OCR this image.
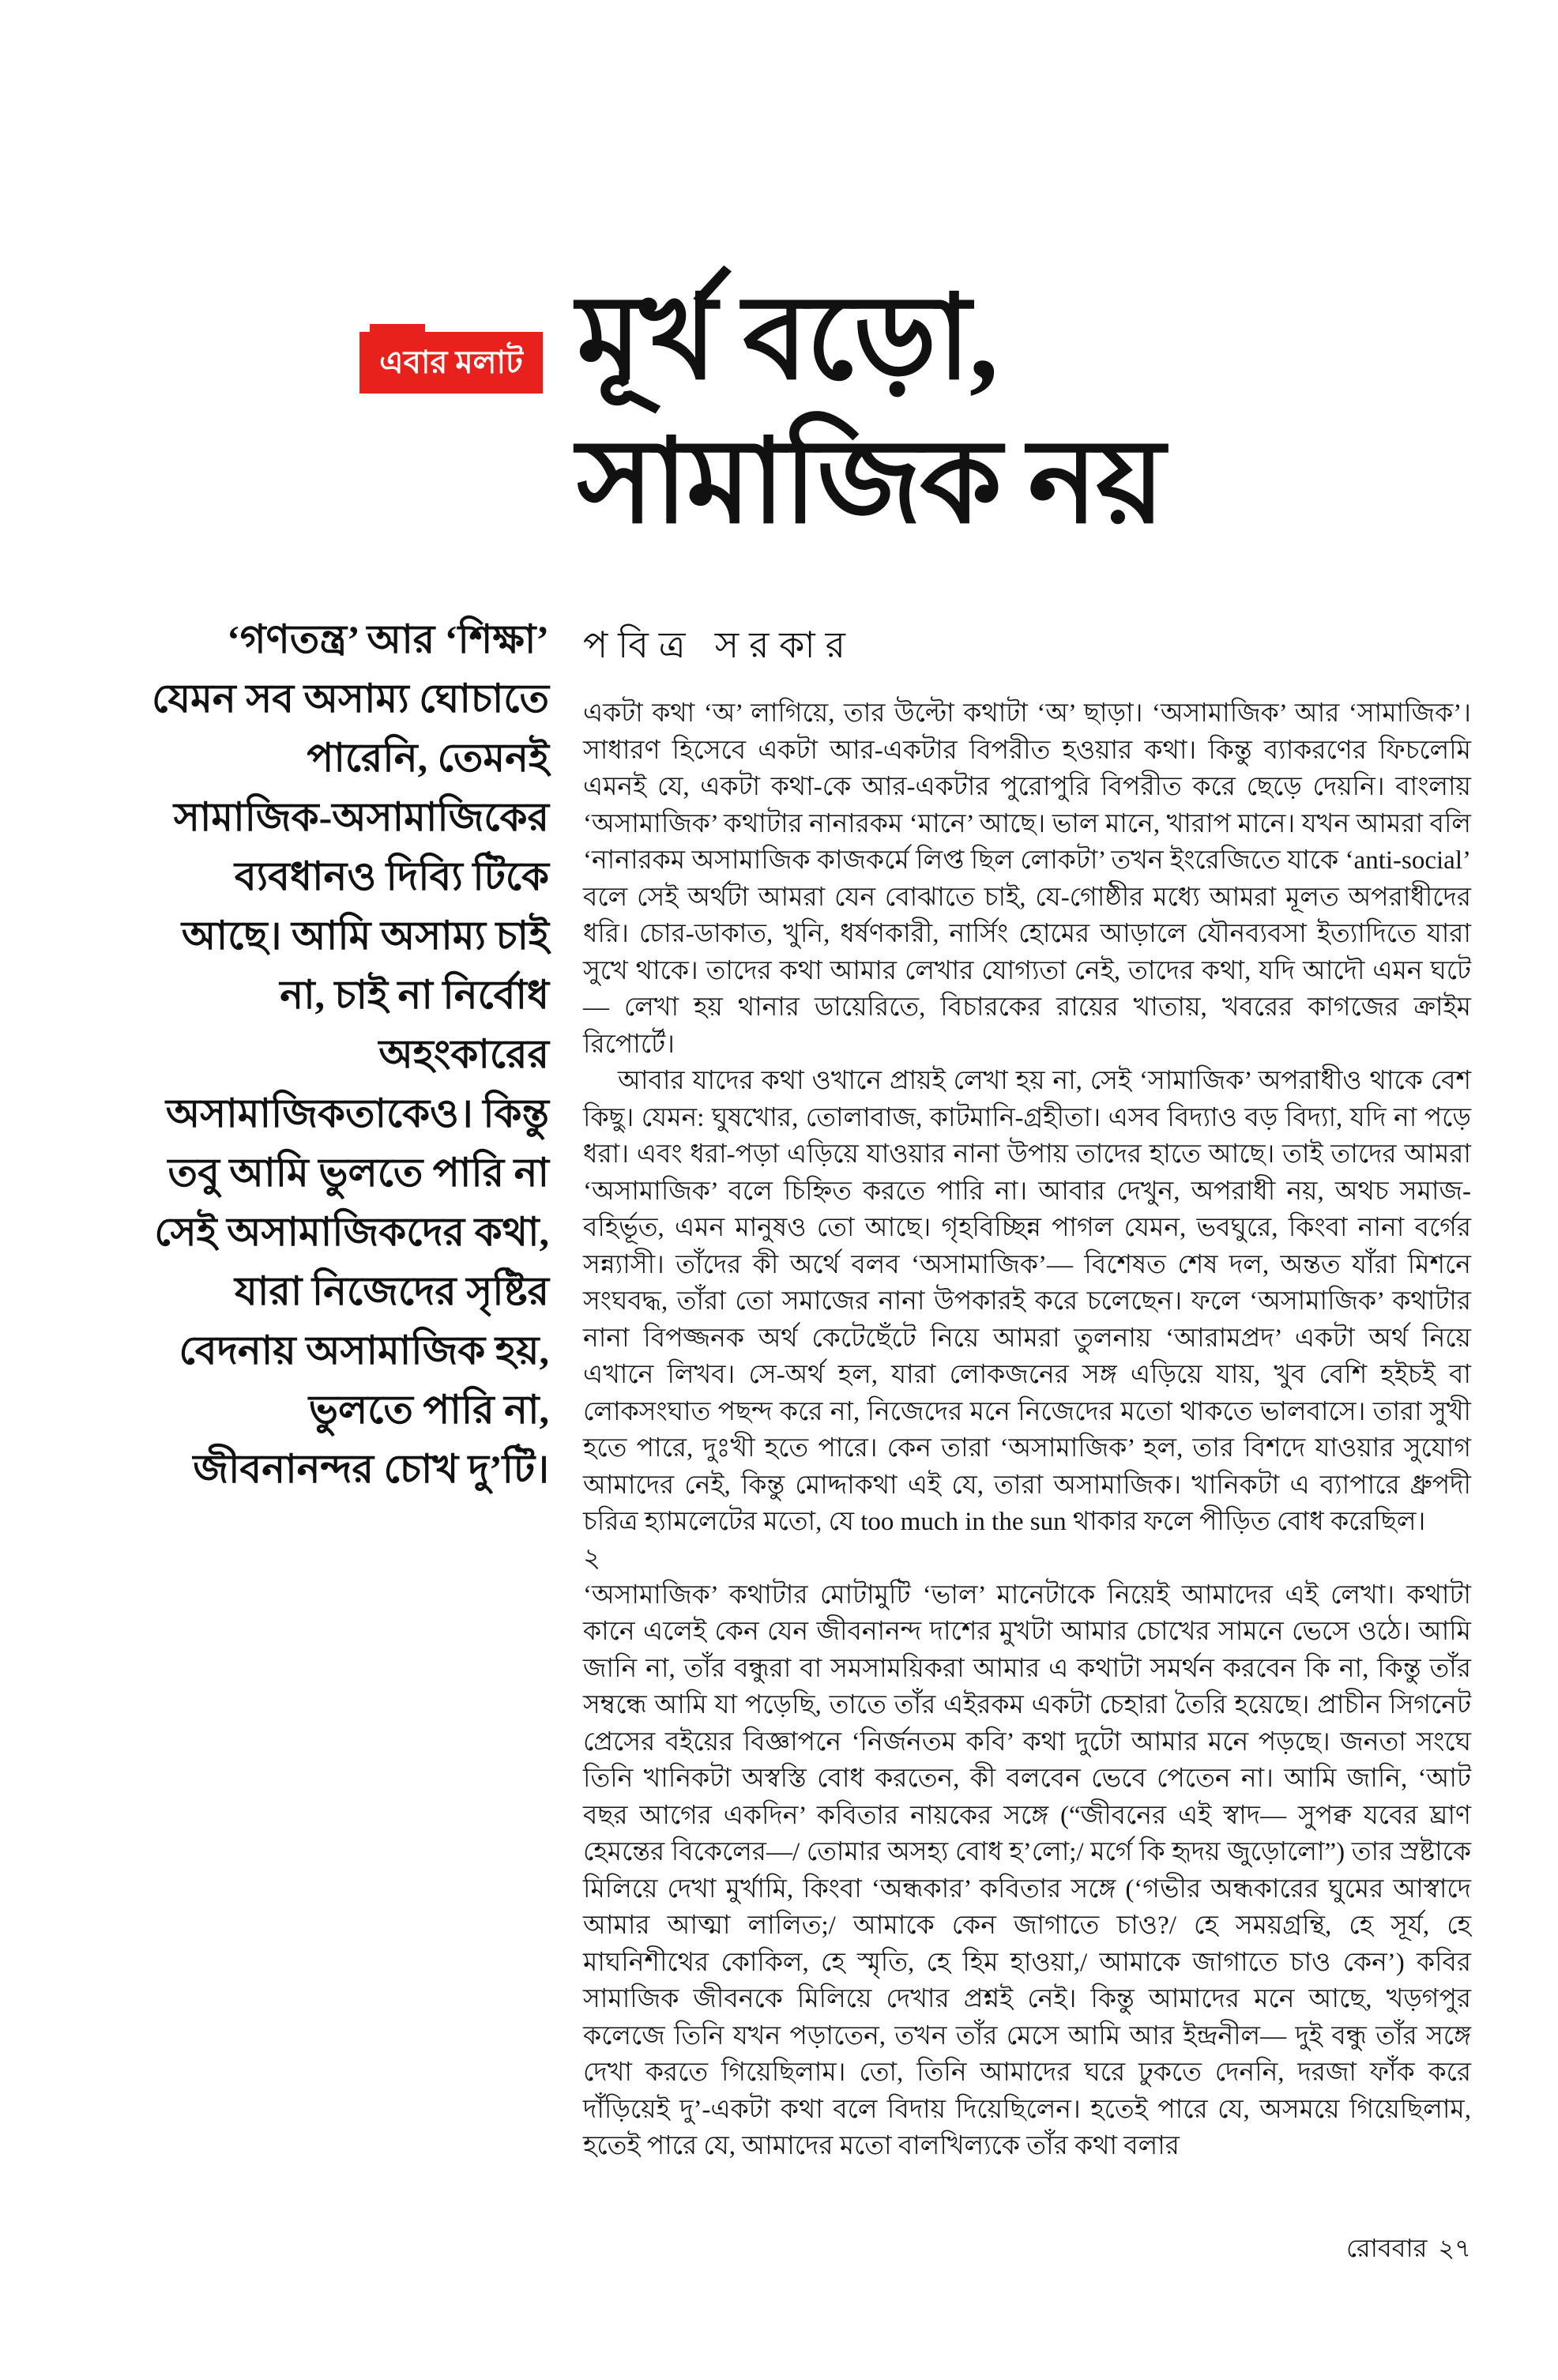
এবার মলাট মূর্খ বড়ো,
সামাজিক নয়
পবিত্র সরকার
‘গণতন্ত্র’ আর ‘শিক্ষা’ যেমন সব অসাম্য ঘোচাতে পারেনি, তেমনই সামাজিক-অসামাজিকের ব্যবধানও দিব্যি টিকে আছে। আমি অসাম্য চাই না, চাই না নির্বোধ অহংকারের অসামাজিকতাকেও। কিন্তু তবু আমি ভুলতে পারি না সেই অসামাজিকদের কথা, যারা নিজেদের সৃষ্টির বেদনায় অসামাজিক হয়, ভুলতে পারি না, জীবনানন্দর চোখ দু’টি।

একটা কথা ‘অ’ লাগিয়ে, তার উল্টো কথাটা ‘অ’ ছাড়া। ‘অসামাজিক’ আর ‘সামাজিক’। সাধারণ হিসেবে একটা আর-একটার বিপরীত হওয়ার কথা। কিন্তু ব্যাকরণের ফিচলেমি এমনই যে, একটা কথা-কে আর-একটার পুরোপুরি বিপরীত করে ছেড়ে দেয়নি। বাংলায় ‘অসামাজিক’ কথাটার নানারকম ‘মানে’ আছে। ভাল মানে, খারাপ মানে। যখন আমরা বলি ‘নানারকম অসামাজিক কাজকর্মে লিপ্ত ছিল লোকটা’ তখন ইংরেজিতে যাকে ‘anti-social’ বলে সেই অর্থটা আমরা যেন বোঝাতে চাই, যে-গোষ্ঠীর মধ্যে আমরা মূলত অপরাধীদের ধরি। চোর-ডাকাত, খুনি, ধর্ষণকারী, নার্সিং হোমের আড়ালে যৌনব্যবসা ইত্যাদিতে যারা সুখে থাকে। তাদের কথা আমার লেখার যোগ্যতা নেই, তাদের কথা, যদি আদৌ এমন ঘটে— লেখা হয় থানার ডায়েরিতে, বিচারকের রায়ের খাতায়, খবরের কাগজের ক্রাইম রিপোর্টে।

আবার যাদের কথা ওখানে প্রায়ই লেখা হয় না, সেই ‘সামাজিক’ অপরাধীও থাকে বেশ কিছু। যেমন: ঘুষখোর, তোলাবাজ, কাটমানি-গ্রহীতা। এসব বিদ্যাও বড় বিদ্যা, যদি না পড়ে ধরা। এবং ধরা-পড়া এড়িয়ে যাওয়ার নানা উপায় তাদের হাতে আছে। তাই তাদের আমরা ‘অসামাজিক’ বলে চিহ্নিত করতে পারি না। আবার দেখুন, অপরাধী নয়, অথচ সমাজ-বহির্ভূত, এমন মানুষও তো আছে। গৃহবিচ্ছিন্ন পাগল যেমন, ভবঘুরে, কিংবা নানা বর্গের সন্ন্যাসী। তাঁদের কী অর্থে বলব ‘অসামাজিক’— বিশেষত শেষ দল, অন্তত যাঁরা মিশনে সংঘবদ্ধ, তাঁরা তো সমাজের নানা উপকারই করে চলেছেন। ফলে ‘অসামাজিক’ কথাটার নানা বিপজ্জনক অর্থ কেটেছেঁটে নিয়ে আমরা তুলনায় ‘আরামপ্রদ’ একটা অর্থ নিয়ে এখানে লিখব। সে-অর্থ হল, যারা লোকজনের সঙ্গ এড়িয়ে যায়, খুব বেশি হইচই বা লোকসংঘাত পছন্দ করে না, নিজেদের মনে নিজেদের মতো থাকতে ভালবাসে। তারা সুখী হতে পারে, দুঃখী হতে পারে। কেন তারা ‘অসামাজিক’ হল, তার বিশদে যাওয়ার সুযোগ আমাদের নেই, কিন্তু মোদ্দাকথা এই যে, তারা অসামাজিক। খানিকটা এ ব্যাপারে ধ্রুপদী চরিত্র হ্যামলেটের মতো, যে too much in the sun থাকার ফলে পীড়িত বোধ করেছিল।

২

‘অসামাজিক’ কথাটার মোটামুটি ‘ভাল’ মানেটাকে নিয়েই আমাদের এই লেখা। কথাটা কানে এলেই কেন যেন জীবনানন্দ দাশের মুখটা আমার চোখের সামনে ভেসে ওঠে। আমি জানি না, তাঁর বন্ধুরা বা সমসাময়িকরা আমার এ কথাটা সমর্থন করবেন কি না, কিন্তু তাঁর সম্বন্ধে আমি যা পড়েছি, তাতে তাঁর এইরকম একটা চেহারা তৈরি হয়েছে। প্রাচীন সিগনেট প্রেসের বইয়ের বিজ্ঞাপনে ‘নির্জনতম কবি’ কথা দুটো আমার মনে পড়ছে। জনতা সংঘে তিনি খানিকটা অস্বস্তি বোধ করতেন, কী বলবেন ভেবে পেতেন না। আমি জানি, ‘আট বছর আগের একদিন’ কবিতার নায়কের সঙ্গে (“জীবনের এই স্বাদ— সুপক্ব যবের ঘ্রাণ হেমন্তের বিকেলের—/ তোমার অসহ্য বোধ হ’লো;/ মর্গে কি হৃদয় জুড়োলো”) তার স্রষ্টাকে মিলিয়ে দেখা মুর্খামি, কিংবা ‘অন্ধকার’ কবিতার সঙ্গে (‘গভীর অন্ধকারের ঘুমের আস্বাদে আমার আত্মা লালিত;/ আমাকে কেন জাগাতে চাও?/ হে সময়গ্রন্থি, হে সূর্য, হে মাঘনিশীথের কোকিল, হে স্মৃতি, হে হিম হাওয়া,/ আমাকে জাগাতে চাও কেন’) কবির সামাজিক জীবনকে মিলিয়ে দেখার প্রশ্নই নেই। কিন্তু আমাদের মনে আছে, খড়গপুর কলেজে তিনি যখন পড়াতেন, তখন তাঁর মেসে আমি আর ইন্দ্রনীল— দুই বন্ধু তাঁর সঙ্গে দেখা করতে গিয়েছিলাম। তো, তিনি আমাদের ঘরে ঢুকতে দেননি, দরজা ফাঁক করে দাঁড়িয়েই দু’-একটা কথা বলে বিদায় দিয়েছিলেন। হতেই পারে যে, অসময়ে গিয়েছিলাম, হতেই পারে যে, আমাদের মতো বালখিল্যকে তাঁর কথা বলার

রোববার ২৭
